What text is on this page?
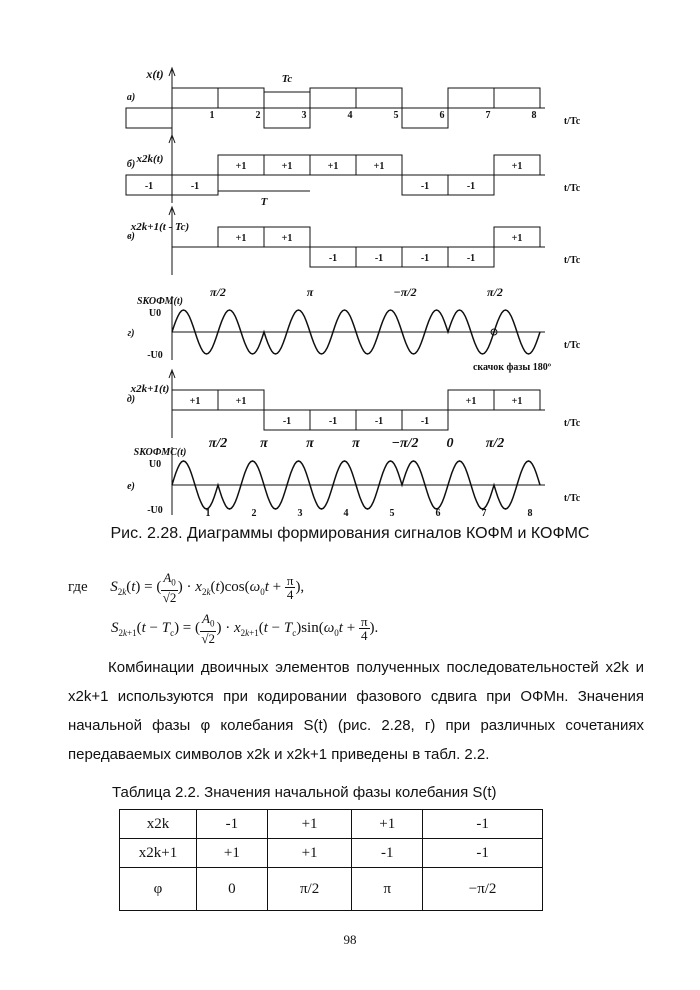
t/Tc
а)
-1	-1
+1	+1	+1	+1
-1	-1
+1
t/Tc
б)
+1	+1
-1	-1	-1	-1
+1
t/Tc
в)
+1	+1
-1	-1	-1	-1
+1	+1
t/Tc
д)
1	2	3	4	5	6	7	8
x(t)	Tc
x2k(t)
T
x2k+1(t - Tc)
x2k+1(t)
SКОФМ(t)
U0
-U0
г)
t/Tc
SКОФМС(t)
U0
-U0
е)
t/Tc
π/2	π	−π/2	π/2
π/2 π	π	π −π/2 0 π/2
скачок фазы 180º
1	2	3	4	5	6	7	8
Рис. 2.28. Диаграммы формирования сигналов КОФМ и КОФМС
где $S_{2k}(t)$ = ( $\frac{A_0}{√2}$ ) · $x_{2k}(t)\cos(\omega_0t + \frac{\pi}{4}$ ),
$S_{2k+1}(t - T_c)$ = ( $\frac{A_0}{√2}$ ) · $x_{2k+1}(t - T_c)\sin(\omega_0t + \frac{\pi}{4}$ ).
Комбинации двоичных элементов полученных последовательностей x2k и x2k+1 используются при кодировании фазового сдвига при ОФМн. Значения начальной фазы φ колебания S(t) (рис. 2.28, г) при различных сочетаниях передаваемых символов x2k и x2k+1 приведены в табл. 2.2.
Таблица 2.2. Значения начальной фазы колебания S(t)
x2k	-1	+1	+1	-1
x2k+1	+1	+1	-1	-1
φ	0	π/2	π	−π/2
98
